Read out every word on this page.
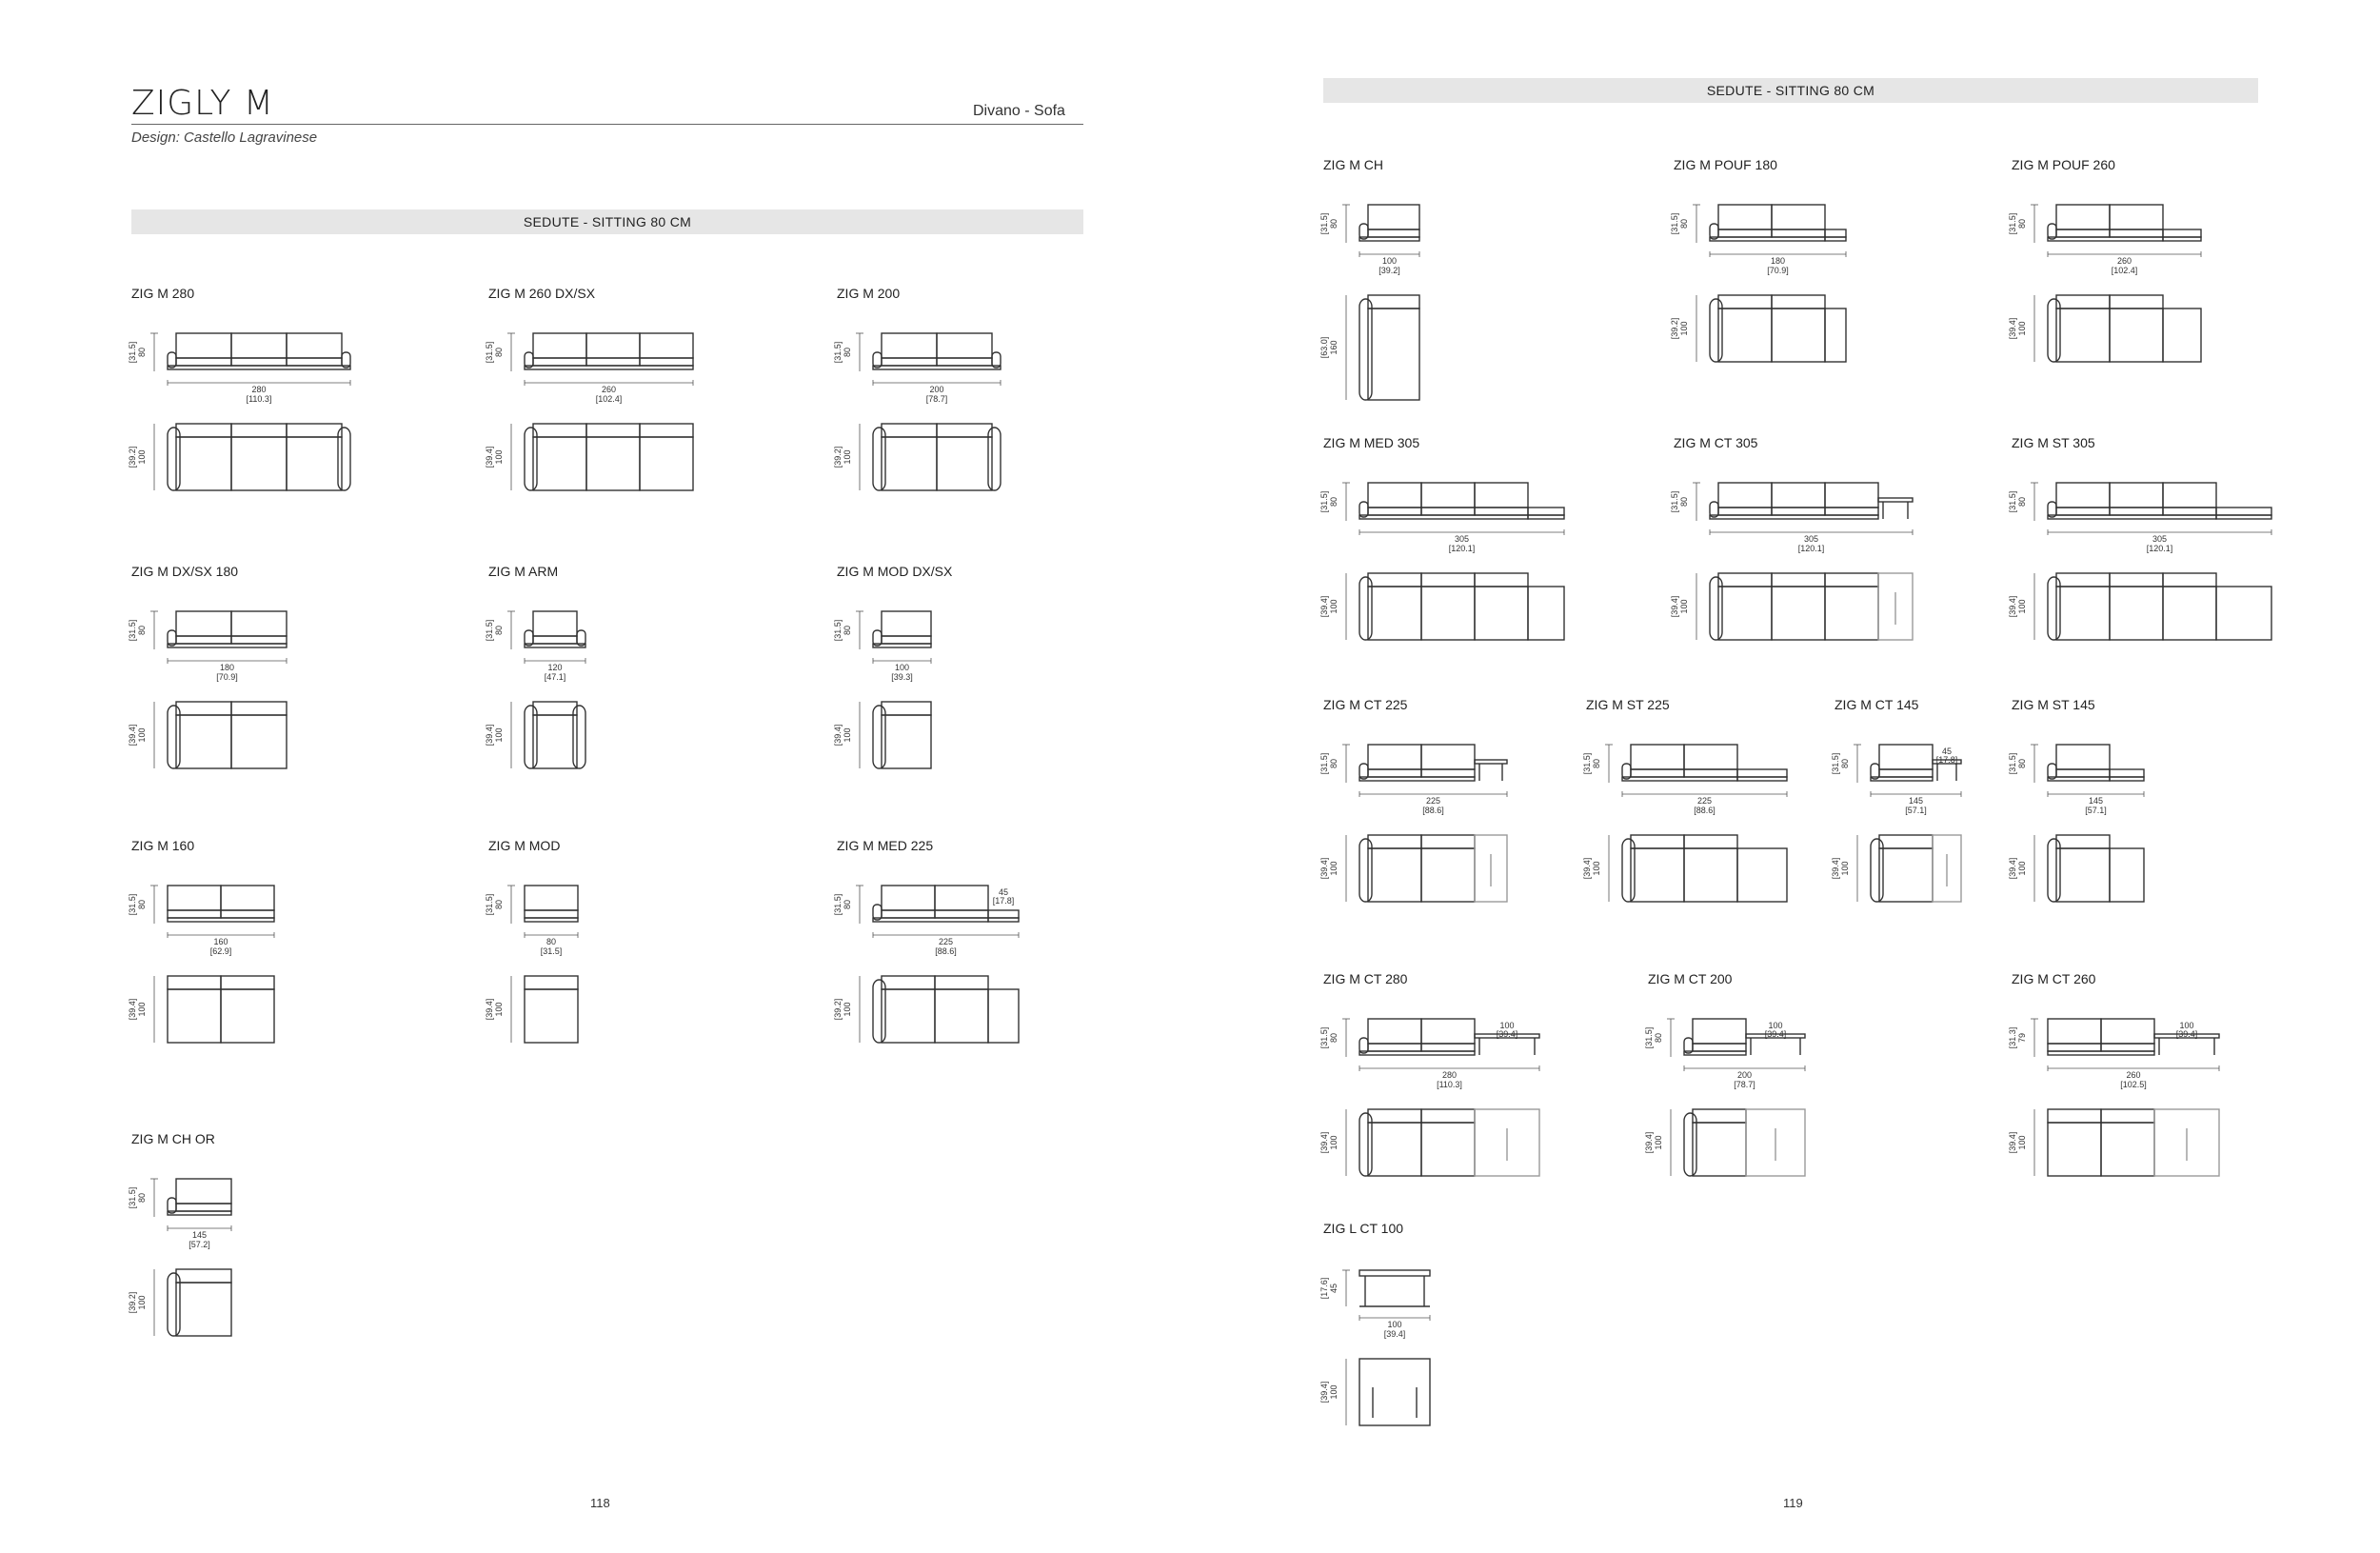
ZIGLY M
Design: Castello Lagravinese
Divano - Sofa
SEDUTE - SITTING 80 CM
SEDUTE - SITTING 80 CM
ZIG M 280
80
[31.5]
280
[110.3]
100
[39.2]
ZIG M 260 DX/SX
80
[31.5]
260
[102.4]
100
[39.4]
ZIG M 200
80
[31.5]
200
[78.7]
100
[39.2]
ZIG M DX/SX 180
80
[31.5]
180
[70.9]
100
[39.4]
ZIG M ARM
80
[31.5]
120
[47.1]
100
[39.4]
ZIG M MOD DX/SX
80
[31.5]
100
[39.3]
100
[39.4]
ZIG M 160
80
[31.5]
160
[62.9]
100
[39.4]
ZIG M MOD
80
[31.5]
80
[31.5]
100
[39.4]
ZIG M MED 225
80
[31.5]
225
[88.6]
45
[17.8]
100
[39.2]
ZIG M CH OR
80
[31.5]
145
[57.2]
100
[39.2]
ZIG M CH
80
[31.5]
100
[39.2]
160
[63.0]
ZIG M POUF 180
80
[31.5]
180
[70.9]
100
[39.2]
ZIG M POUF 260
80
[31.5]
260
[102.4]
100
[39.4]
ZIG M MED 305
80
[31.5]
305
[120.1]
100
[39.4]
ZIG M CT 305
80
[31.5]
305
[120.1]
100
[39.4]
ZIG M ST 305
80
[31.5]
305
[120.1]
100
[39.4]
ZIG M CT 225
80
[31.5]
225
[88.6]
100
[39.4]
ZIG M ST 225
80
[31.5]
225
[88.6]
100
[39.4]
ZIG M CT 145
80
[31.5]
145
[57.1]
45
[17.8]
100
[39.4]
ZIG M ST 145
80
[31.5]
145
[57.1]
100
[39.4]
ZIG M CT 280
80
[31.5]
280
[110.3]
100
[39.4]
100
[39.4]
ZIG M CT 200
80
[31.5]
200
[78.7]
100
[39.4]
100
[39.4]
ZIG M CT 260
79
[31.3]
260
[102.5]
100
[39.4]
100
[39.4]
ZIG L CT 100
45
[17.6]
100
[39.4]
100
[39.4]
118	119
